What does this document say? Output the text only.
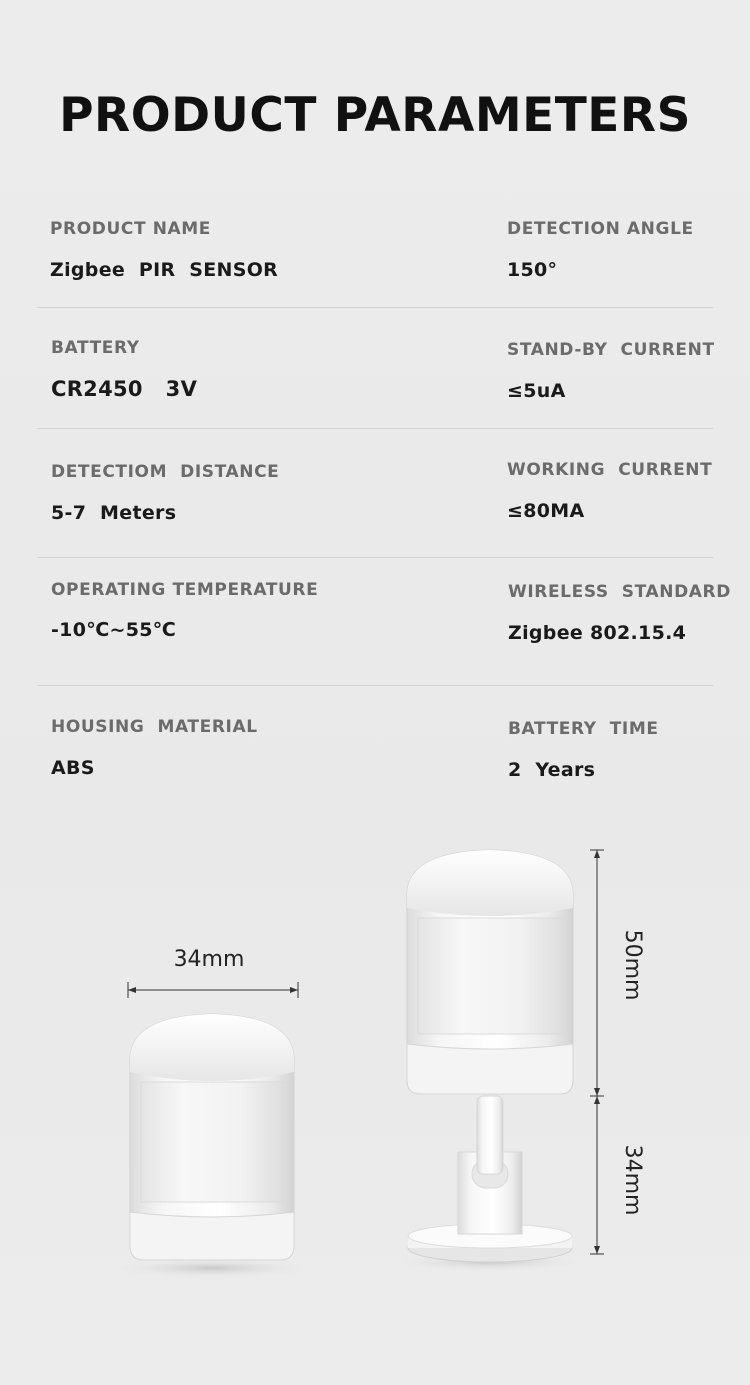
PRODUCT PARAMETERS
PRODUCT NAME
Zigbee  PIR  SENSOR
DETECTION ANGLE
150°
BATTERY
CR2450   3V
STAND-BY  CURRENT
≤5uA
DETECTIOM  DISTANCE
5-7  Meters
WORKING  CURRENT
≤80MA
OPERATING TEMPERATURE
-10℃~55℃
WIRELESS  STANDARD
Zigbee 802.15.4
HOUSING  MATERIAL
ABS
BATTERY  TIME
2  Years
34mm	50mm
34mm
